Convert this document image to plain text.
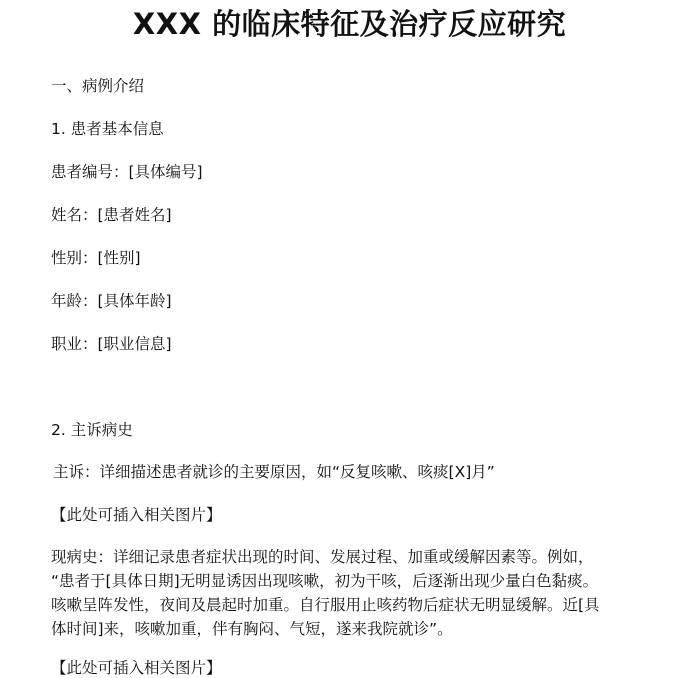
XXX 的临床特征及治疗反应研究
一、病例介绍
1. 患者基本信息
患者编号：[具体编号]
姓名：[患者姓名]
性别：[性别]
年龄：[具体年龄]
职业：[职业信息]
2. 主诉病史
主诉：详细描述患者就诊的主要原因，如“反复咳嗽、咳痰[X]月”
【此处可插入相关图片】
现病史：详细记录患者症状出现的时间、发展过程、加重或缓解因素等。例如，
“患者于[具体日期]无明显诱因出现咳嗽，初为干咳，后逐渐出现少量白色黏痰。
咳嗽呈阵发性，夜间及晨起时加重。自行服用止咳药物后症状无明显缓解。近[具
体时间]来，咳嗽加重，伴有胸闷、气短，遂来我院就诊”。
【此处可插入相关图片】
